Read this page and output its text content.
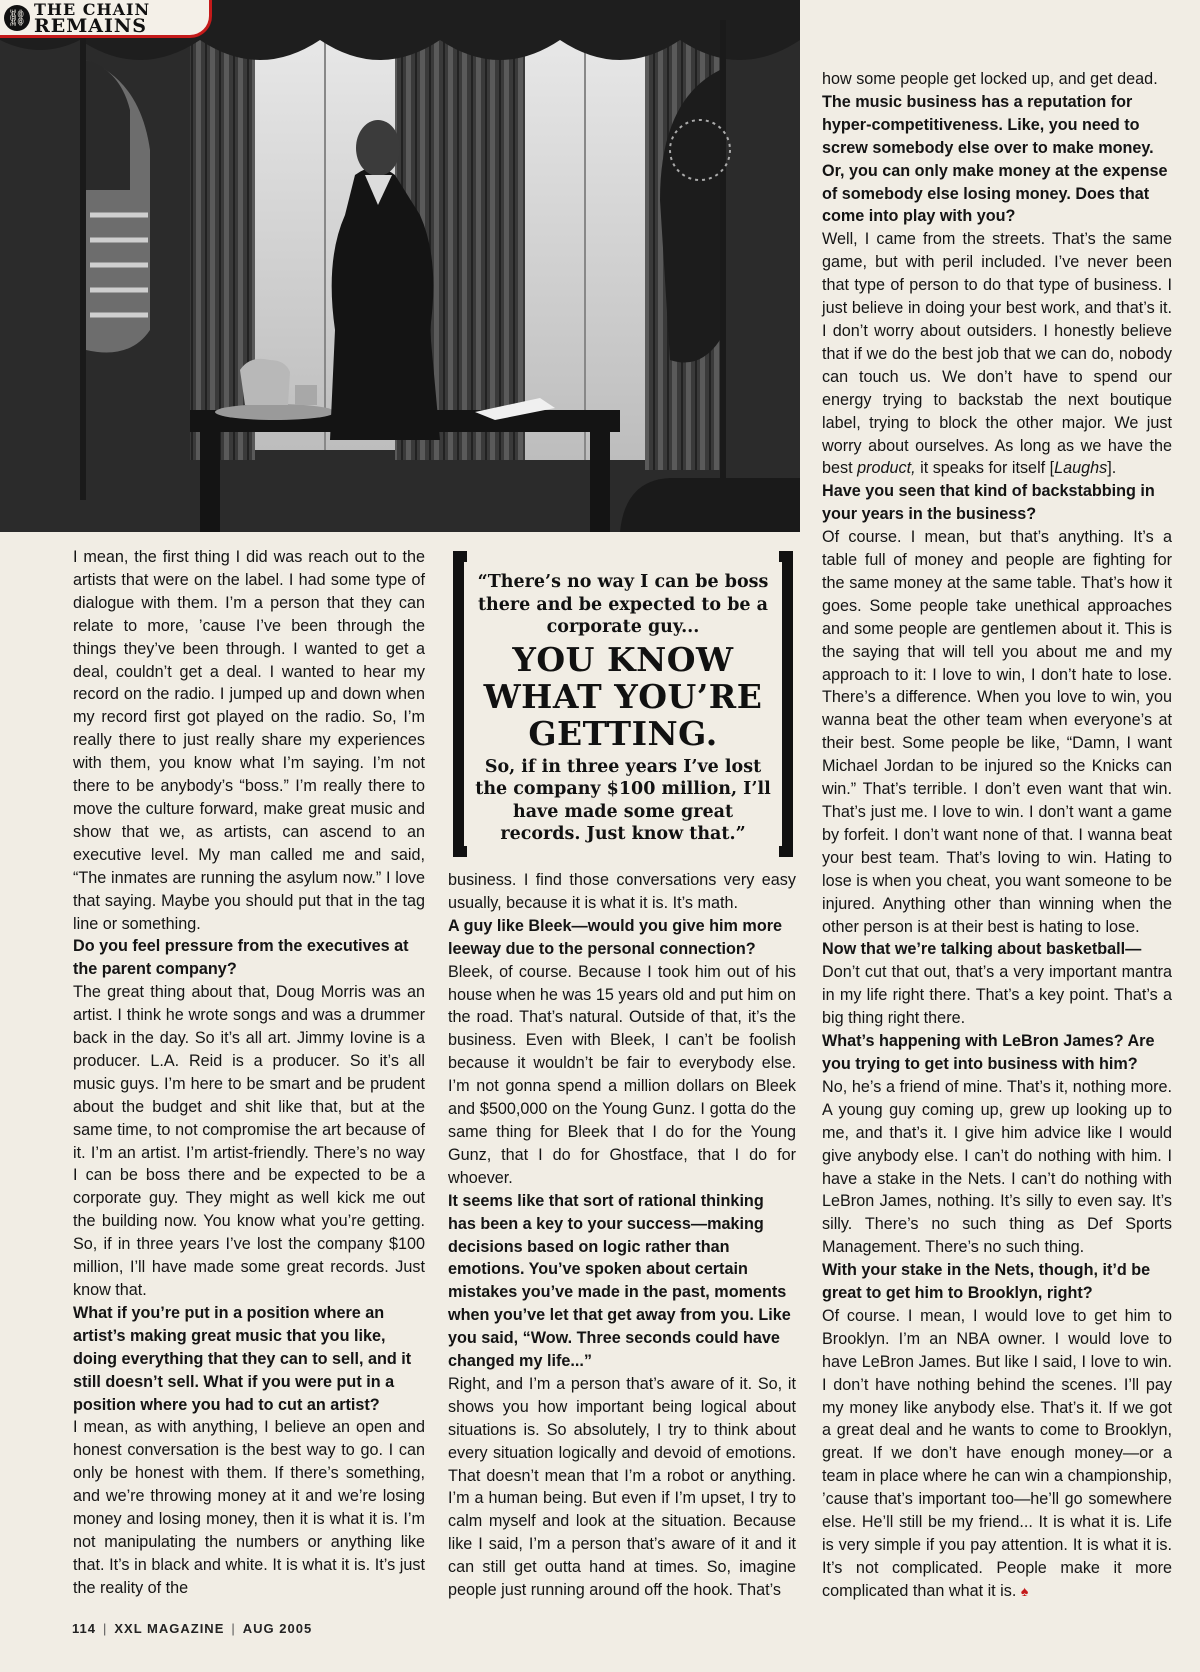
⛓ THE CHAIN
REMAINS

I mean, the first thing I did was reach out to the artists that were on the label. I had some type of dialogue with them. I’m a person that they can relate to more, ’cause I’ve been through the things they’ve been through. I wanted to get a deal, couldn’t get a deal. I wanted to hear my record on the radio. I jumped up and down when my record first got played on the radio. So, I’m really there to just really share my experiences with them, you know what I’m saying. I’m not there to be anybody’s “boss.” I’m really there to move the culture forward, make great music and show that we, as artists, can ascend to an executive level. My man called me and said, “The inmates are running the asylum now.” I love that saying. Maybe you should put that in the tag line or something.

Do you feel pressure from the executives at the parent company?

The great thing about that, Doug Morris was an artist. I think he wrote songs and was a drummer back in the day. So it’s all art. Jimmy Iovine is a producer. L.A. Reid is a producer. So it’s all music guys. I’m here to be smart and be prudent about the budget and shit like that, but at the same time, to not compromise the art because of it. I’m an artist. I’m artist-friendly. There’s no way I can be boss there and be expected to be a corporate guy. They might as well kick me out the building now. You know what you’re getting. So, if in three years I’ve lost the company $100 million, I’ll have made some great records. Just know that.

What if you’re put in a position where an artist’s making great music that you like, doing everything that they can to sell, and it still doesn’t sell. What if you were put in a position where you had to cut an artist?

I mean, as with anything, I believe an open and honest conversation is the best way to go. I can only be honest with them. If there’s something, and we’re throwing money at it and we’re losing money and losing money, then it is what it is. I’m not manipulating the numbers or anything like that. It’s in black and white. It is what it is. It’s just the reality of the

“There’s no way I can be boss there and be expected to be a corporate guy...
YOU KNOW WHAT YOU’RE GETTING.
So, if in three years I’ve lost the company $100 million, I’ll have made some great records. Just know that.”

business. I find those conversations very easy usually, because it is what it is. It’s math.

A guy like Bleek—would you give him more leeway due to the personal connection?

Bleek, of course. Because I took him out of his house when he was 15 years old and put him on the road. That’s natural. Outside of that, it’s the business. Even with Bleek, I can’t be foolish because it wouldn’t be fair to everybody else. I’m not gonna spend a million dollars on Bleek and $500,000 on the Young Gunz. I gotta do the same thing for Bleek that I do for the Young Gunz, that I do for Ghostface, that I do for whoever.

It seems like that sort of rational thinking has been a key to your success—making decisions based on logic rather than emotions. You’ve spoken about certain mistakes you’ve made in the past, moments when you’ve let that get away from you. Like you said, “Wow. Three seconds could have changed my life...”

Right, and I’m a person that’s aware of it. So, it shows you how important being logical about situations is. So absolutely, I try to think about every situation logically and devoid of emotions. That doesn’t mean that I’m a robot or anything. I’m a human being. But even if I’m upset, I try to calm myself and look at the situation. Because like I said, I’m a person that’s aware of it and it can still get outta hand at times. So, imagine people just running around off the hook. That’s

how some people get locked up, and get dead.

The music business has a reputation for hyper-competitiveness. Like, you need to screw somebody else over to make money. Or, you can only make money at the expense of somebody else losing money. Does that come into play with you?

Well, I came from the streets. That’s the same game, but with peril included. I’ve never been that type of person to do that type of business. I just believe in doing your best work, and that’s it. I don’t worry about outsiders. I honestly believe that if we do the best job that we can do, nobody can touch us. We don’t have to spend our energy trying to backstab the next boutique label, trying to block the other major. We just worry about ourselves. As long as we have the best product, it speaks for itself [Laughs].

Have you seen that kind of backstabbing in your years in the business?

Of course. I mean, but that’s anything. It’s a table full of money and people are fighting for the same money at the same table. That’s how it goes. Some people take unethical approaches and some people are gentlemen about it. This is the saying that will tell you about me and my approach to it: I love to win, I don’t hate to lose. There’s a difference. When you love to win, you wanna beat the other team when everyone’s at their best. Some people be like, “Damn, I want Michael Jordan to be injured so the Knicks can win.” That’s terrible. I don’t even want that win. That’s just me. I love to win. I don’t want a game by forfeit. I don’t want none of that. I wanna beat your best team. That’s loving to win. Hating to lose is when you cheat, you want someone to be injured. Anything other than winning when the other person is at their best is hating to lose.

Now that we’re talking about basketball—

Don’t cut that out, that’s a very important mantra in my life right there. That’s a key point. That’s a big thing right there.

What’s happening with LeBron James? Are you trying to get into business with him?

No, he’s a friend of mine. That’s it, nothing more. A young guy coming up, grew up looking up to me, and that’s it. I give him advice like I would give anybody else. I can’t do nothing with him. I have a stake in the Nets. I can’t do nothing with LeBron James, nothing. It’s silly to even say. It’s silly. There’s no such thing as Def Sports Management. There’s no such thing.

With your stake in the Nets, though, it’d be great to get him to Brooklyn, right?

Of course. I mean, I would love to get him to Brooklyn. I’m an NBA owner. I would love to have LeBron James. But like I said, I love to win. I don’t have nothing behind the scenes. I’ll pay my money like anybody else. That’s it. If we got a great deal and he wants to come to Brooklyn, great. If we don’t have enough money—or a team in place where he can win a championship, ’cause that’s important too—he’ll go somewhere else. He’ll still be my friend... It is what it is. Life is very simple if you pay attention. It is what it is. It’s not complicated. People make it more complicated than what it is. ♠

114 | XXL MAGAZINE | AUG 2005
